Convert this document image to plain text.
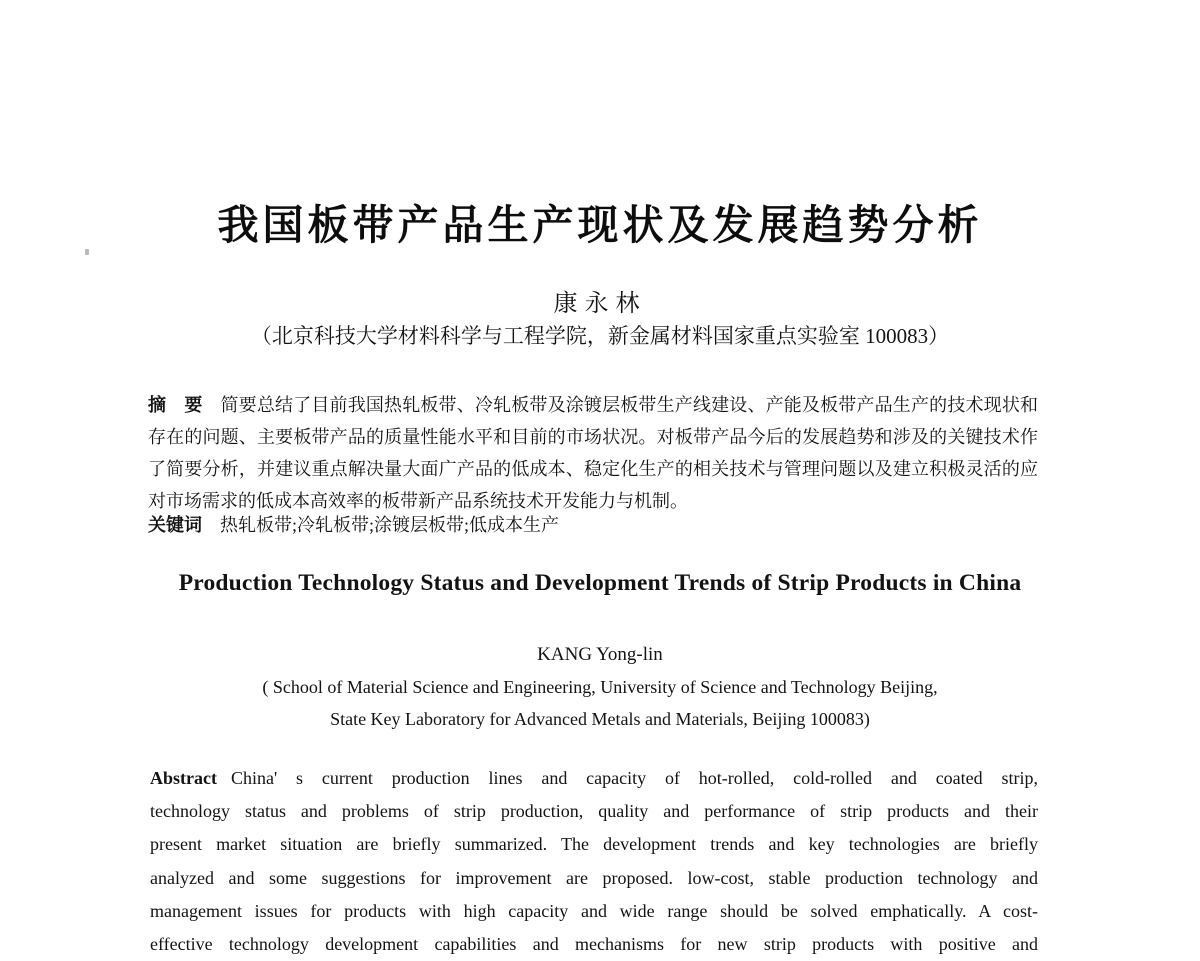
我国板带产品生产现状及发展趋势分析
康永林
（北京科技大学材料科学与工程学院，新金属材料国家重点实验室 100083）
摘　要 简要总结了目前我国热轧板带、冷轧板带及涂镀层板带生产线建设、产能及板带产品生产的技术现状和
存在的问题、主要板带产品的质量性能水平和目前的市场状况。对板带产品今后的发展趋势和涉及的关键技术作
了简要分析，并建议重点解决量大面广产品的低成本、稳定化生产的相关技术与管理问题以及建立积极灵活的应
对市场需求的低成本高效率的板带新产品系统技术开发能力与机制。
关键词 热轧板带;冷轧板带;涂镀层板带;低成本生产
Production Technology Status and Development Trends of Strip Products in China
KANG Yong-lin
( School of Material Science and Engineering, University of Science and Technology Beijing,
State Key Laboratory for Advanced Metals and Materials, Beijing 100083)
Abstract China' s current production lines and capacity of hot-rolled, cold-rolled and coated strip,
technology status and problems of strip production, quality and performance of strip products and their
present market situation are briefly summarized. The development trends and key technologies are briefly
analyzed and some suggestions for improvement are proposed. low-cost, stable production technology and
management issues for products with high capacity and wide range should be solved emphatically. A cost-
effective technology development capabilities and mechanisms for new strip products with positive and
